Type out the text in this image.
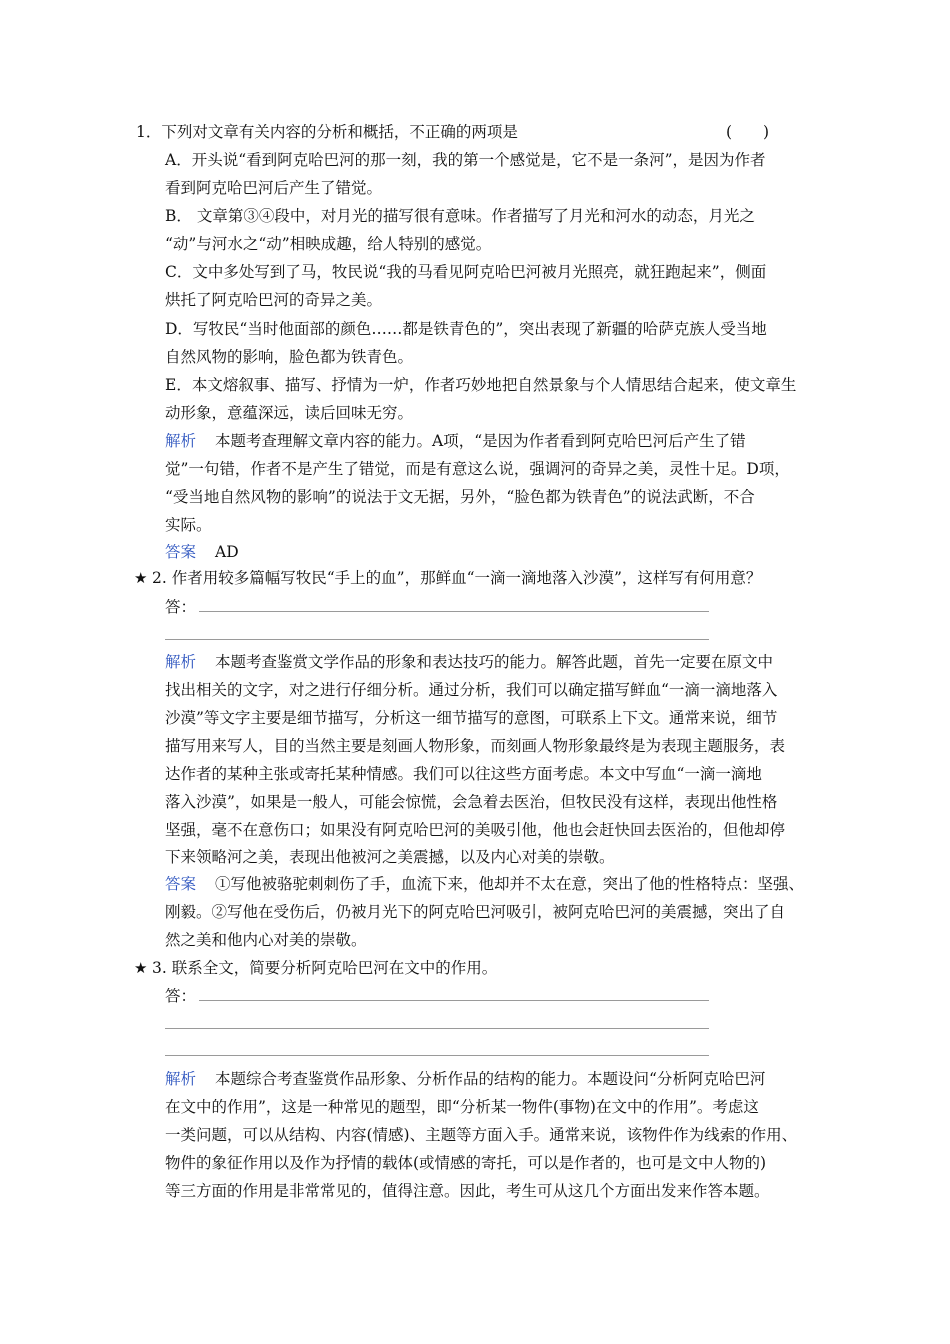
1．下列对文章有关内容的分析和概括，不正确的两项是	(　　)
A．开头说“看到阿克哈巴河的那一刻，我的第一个感觉是，它不是一条河”，是因为作者
看到阿克哈巴河后产生了错觉。
B． 文章第③④段中，对月光的描写很有意味。作者描写了月光和河水的动态，月光之
“动”与河水之“动”相映成趣，给人特别的感觉。
C．文中多处写到了马，牧民说“我的马看见阿克哈巴河被月光照亮，就狂跑起来”，侧面
烘托了阿克哈巴河的奇异之美。
D．写牧民“当时他面部的颜色……都是铁青色的”，突出表现了新疆的哈萨克族人受当地
自然风物的影响，脸色都为铁青色。
E．本文熔叙事、描写、抒情为一炉，作者巧妙地把自然景象与个人情思结合起来，使文章生
动形象，意蕴深远，读后回味无穷。
解析 本题考查理解文章内容的能力。A项，“是因为作者看到阿克哈巴河后产生了错
觉”一句错，作者不是产生了错觉，而是有意这么说，强调河的奇异之美，灵性十足。D项，
“受当地自然风物的影响”的说法于文无据，另外，“脸色都为铁青色”的说法武断，不合
实际。
答案 AD
★ 2. 作者用较多篇幅写牧民“手上的血”，那鲜血“一滴一滴地落入沙漠”，这样写有何用意？
答：
解析 本题考查鉴赏文学作品的形象和表达技巧的能力。解答此题，首先一定要在原文中
找出相关的文字，对之进行仔细分析。通过分析，我们可以确定描写鲜血“一滴一滴地落入
沙漠”等文字主要是细节描写，分析这一细节描写的意图，可联系上下文。通常来说，细节
描写用来写人，目的当然主要是刻画人物形象，而刻画人物形象最终是为表现主题服务，表
达作者的某种主张或寄托某种情感。我们可以往这些方面考虑。本文中写血“一滴一滴地
落入沙漠”，如果是一般人，可能会惊慌，会急着去医治，但牧民没有这样，表现出他性格
坚强，毫不在意伤口；如果没有阿克哈巴河的美吸引他，他也会赶快回去医治的，但他却停
下来领略河之美，表现出他被河之美震撼，以及内心对美的崇敬。
答案 ①写他被骆驼刺刺伤了手，血流下来，他却并不太在意，突出了他的性格特点：坚强、
刚毅。②写他在受伤后，仍被月光下的阿克哈巴河吸引，被阿克哈巴河的美震撼，突出了自
然之美和他内心对美的崇敬。
★ 3. 联系全文，简要分析阿克哈巴河在文中的作用。
答：
解析 本题综合考查鉴赏作品形象、分析作品的结构的能力。本题设问“分析阿克哈巴河
在文中的作用”，这是一种常见的题型，即“分析某一物件(事物)在文中的作用”。考虑这
一类问题，可以从结构、内容(情感)、主题等方面入手。通常来说，该物件作为线索的作用、
物件的象征作用以及作为抒情的载体(或情感的寄托，可以是作者的，也可是文中人物的)
等三方面的作用是非常常见的，值得注意。因此，考生可从这几个方面出发来作答本题。
